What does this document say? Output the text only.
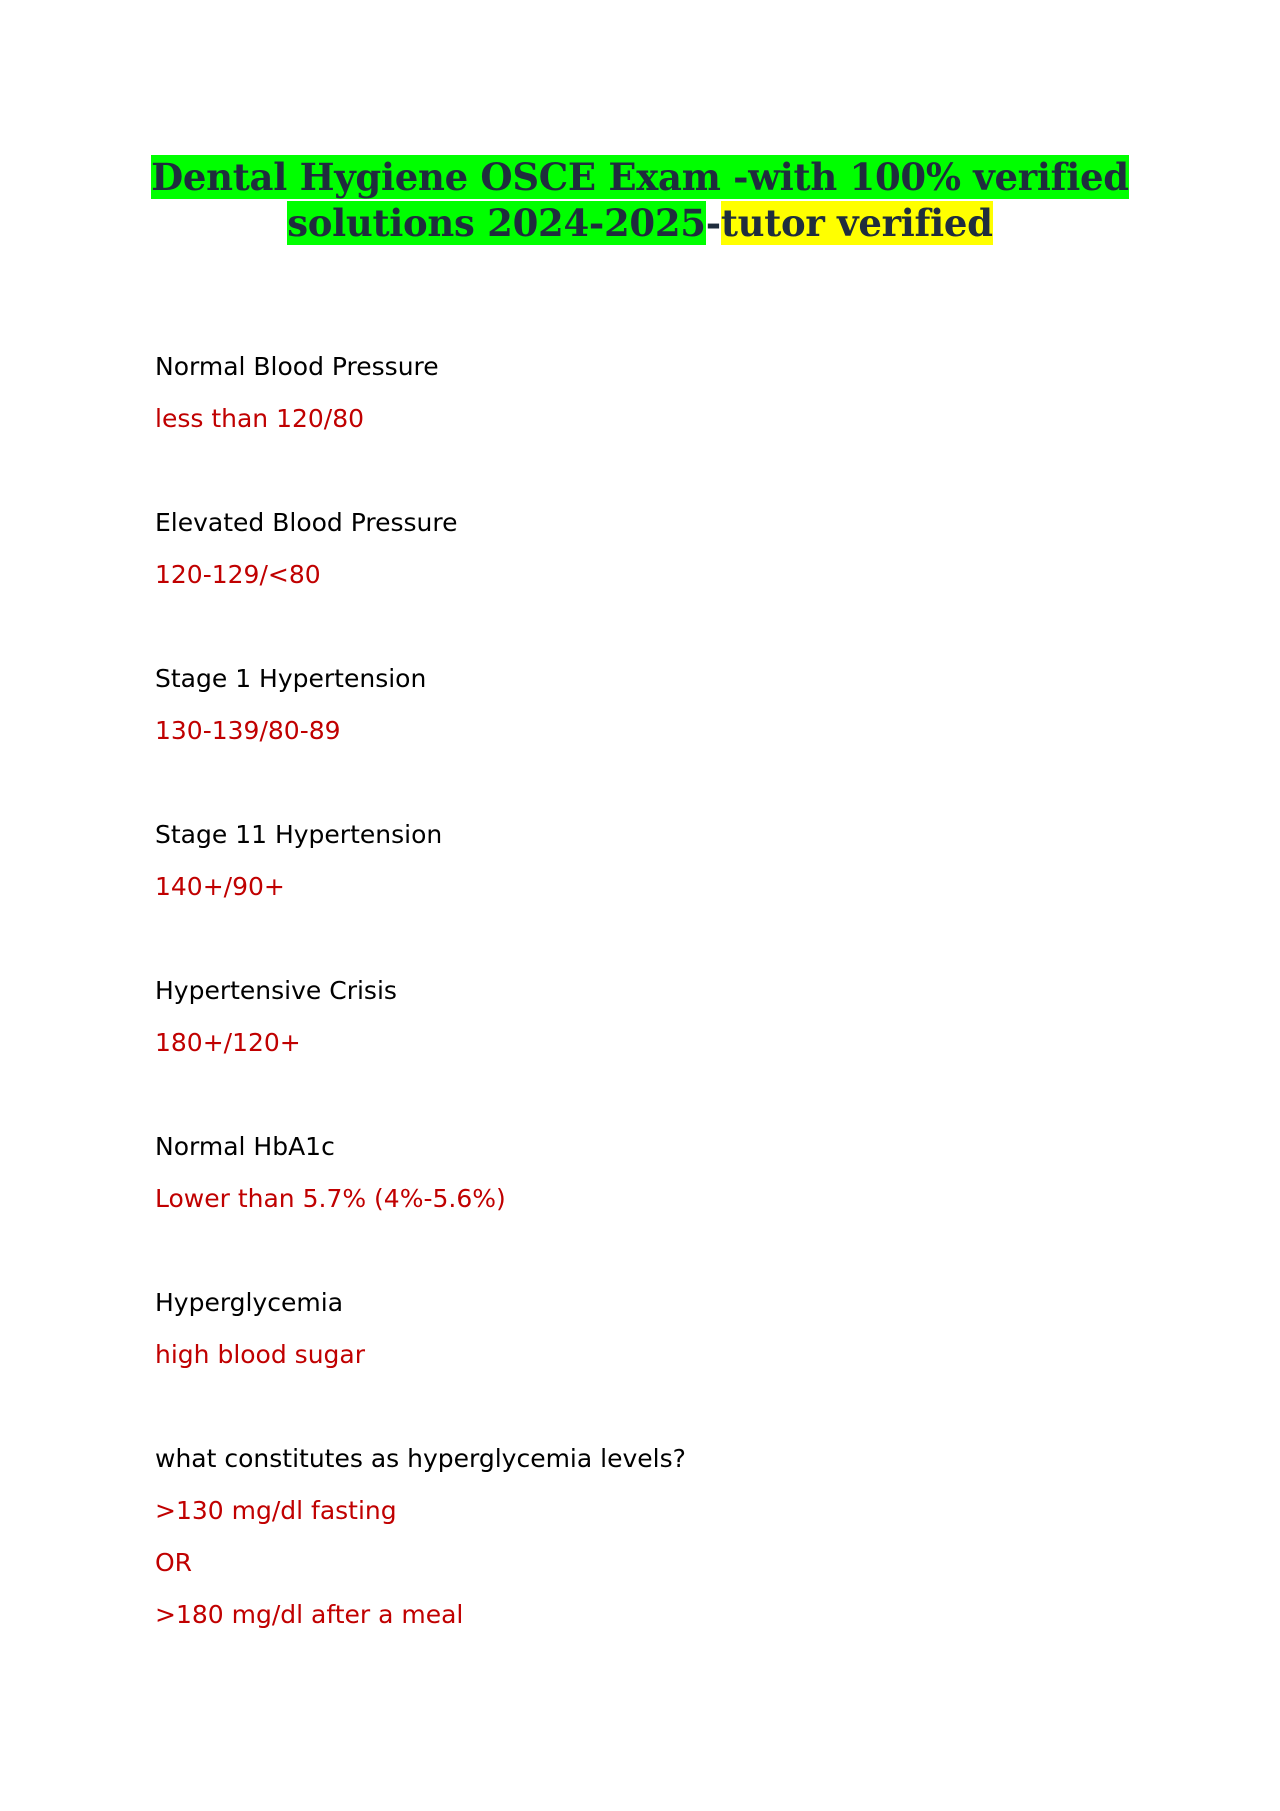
Dental Hygiene OSCE Exam -with 100% verified
solutions 2024-2025-tutor verified
Normal Blood Pressure
less than 120/80
Elevated Blood Pressure
120-129/<80
Stage 1 Hypertension
130-139/80-89
Stage 11 Hypertension
140+/90+
Hypertensive Crisis
180+/120+
Normal HbA1c
Lower than 5.7% (4%-5.6%)
Hyperglycemia
high blood sugar
what constitutes as hyperglycemia levels?
>130 mg/dl fasting
OR
>180 mg/dl after a meal
